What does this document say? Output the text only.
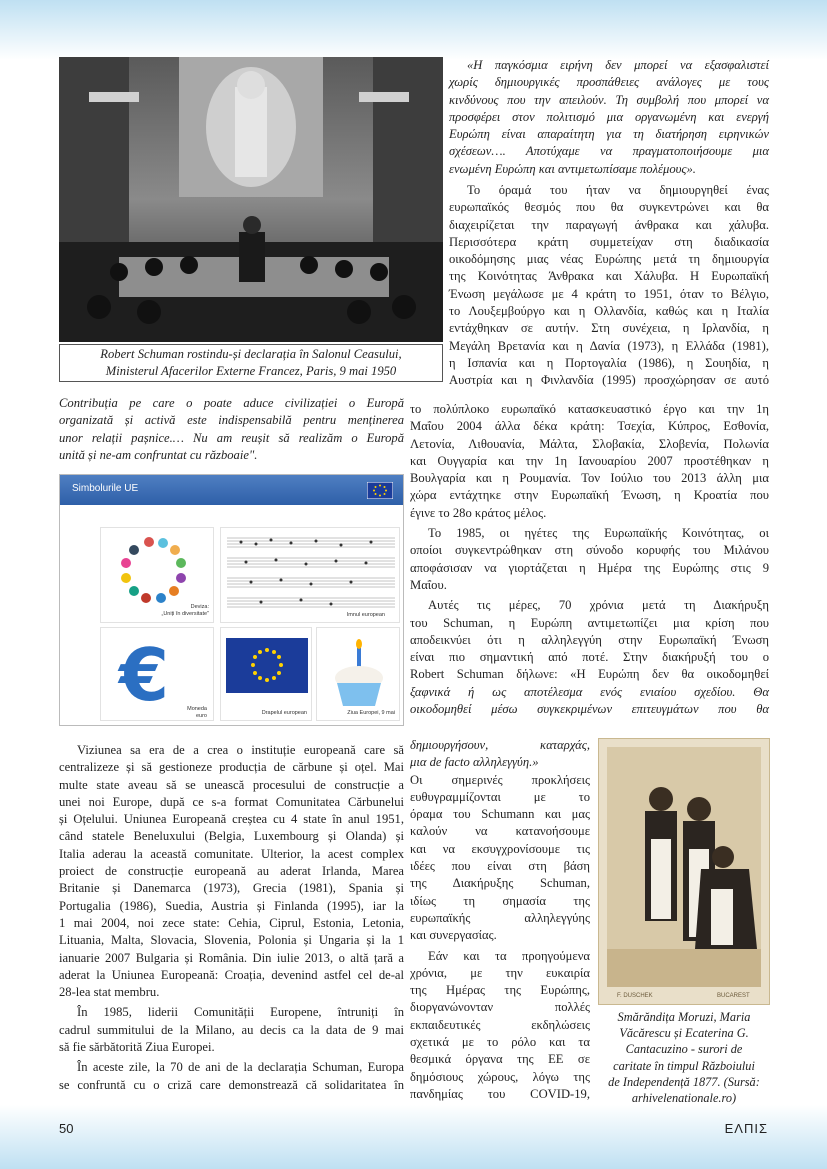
Robert Schuman rostindu-și declarația în Salonul Ceasului,
Ministerul Afacerilor Externe Francez, Paris, 9 mai 1950

Contribuția pe care o poate aduce civilizației o Europă

organizată și activă este indispensabilă pentru menținerea

unor relații pașnice.… Nu am reușit să realizăm o Europă

unită și ne-am confruntat cu războaie".

Simbolurile UE
Deviza:
„Uniți în diversitate"	Imnul european
€	Moneda
euro	Drapelul european	Ziua Europei, 9 mai

Viziunea sa era de a crea o instituție europeană care să

centralizeze și să gestioneze producția de cărbune și oțel. Mai

multe state aveau să se unească procesului de construcție a

unei noi Europe, după ce s-a format Comunitatea Cărbunelui

și Oțelului. Uniunea Europeană creștea cu 4 state în anul 1951,

când statele Beneluxului (Belgia, Luxembourg și Olanda) și

Italia aderau la această comunitate. Ulterior, la acest complex

proiect de construcție europeană au aderat Irlanda, Marea

Britanie și Danemarca (1973), Grecia (1981), Spania și

Portugalia (1986), Suedia, Austria și Finlanda (1995), iar la

1 mai 2004, noi zece state: Cehia, Ciprul, Estonia, Letonia,

Lituania, Malta, Slovacia, Slovenia, Polonia și Ungaria și la 1

ianuarie 2007 Bulgaria și România. Din iulie 2013, o altă țară a

aderat la Uniunea Europeană: Croația, devenind astfel cel de-al

28-lea stat membru.

În 1985, liderii Comunității Europene, întruniți în

cadrul summitului de la Milano, au decis ca la data de 9 mai

să fie sărbătorită Ziua Europei.

În aceste zile, la 70 de ani de la declarația Schuman, Europa

se confruntă cu o criză care demonstrează că solidaritatea în

«Η παγκόσμια ειρήνη δεν μπορεί να εξασφαλιστεί

χωρίς δημιουργικές προσπάθειες ανάλογες με τους

κινδύνους που την απειλούν. Τη συμβολή που μπορεί να

προσφέρει στον πολιτισμό μια οργανωμένη και ενεργή

Ευρώπη είναι απαραίτητη για τη διατήρηση ειρηνικών

σχέσεων…. Αποτύχαμε να πραγματοποιήσουμε μια

ενωμένη Ευρώπη και αντιμετωπίσαμε πολέμους».

Το όραμά του ήταν να δημιουργηθεί ένας

ευρωπαϊκός θεσμός που θα συγκεντρώνει και θα

διαχειρίζεται την παραγωγή άνθρακα και χάλυβα.

Περισσότερα κράτη συμμετείχαν στη διαδικασία

οικοδόμησης μιας νέας Ευρώπης μετά τη δημιουργία

της Κοινότητας Άνθρακα και Χάλυβα. Η Ευρωπαϊκή

Ένωση μεγάλωσε με 4 κράτη το 1951, όταν το Βέλγιο,

το Λουξεμβούργο και η Ολλανδία, καθώς και η Ιταλία

εντάχθηκαν σε αυτήν. Στη συνέχεια, η Ιρλανδία, η

Μεγάλη Βρετανία και η Δανία (1973), η Ελλάδα (1981),

η Ισπανία και η Πορτογαλία (1986), η Σουηδία, η

Αυστρία και η Φινλανδία (1995) προσχώρησαν σε αυτό

το πολύπλοκο ευρωπαϊκό κατασκευαστικό έργο και την 1η

Μαΐου 2004 άλλα δέκα κράτη: Τσεχία, Κύπρος, Εσθονία,

Λετονία, Λιθουανία, Μάλτα, Σλοβακία, Σλοβενία, Πολωνία

και Ουγγαρία και την 1η Ιανουαρίου 2007 προστέθηκαν η

Βουλγαρία και η Ρουμανία. Τον Ιούλιο του 2013 άλλη μια

χώρα εντάχτηκε στην Ευρωπαϊκή Ένωση, η Κροατία που

έγινε το 28ο κράτος μέλος.

Το 1985, οι ηγέτες της Ευρωπαϊκής Κοινότητας, οι

οποίοι συγκεντρώθηκαν στη σύνοδο κορυφής του Μιλάνου

αποφάσισαν να γιορτάζεται η Ημέρα της Ευρώπης στις 9

Μαΐου.

Αυτές τις μέρες, 70 χρόνια μετά τη Διακήρυξη

του Schuman, η Ευρώπη αντιμετωπίζει μια κρίση που

αποδεικνύει ότι η αλληλεγγύη στην Ευρωπαϊκή Ένωση

είναι πιο σημαντική από ποτέ. Στην διακήρυξή του ο

Robert Schuman δήλωνε: «Η Ευρώπη δεν θα οικοδομηθεί

ξαφνικά ή ως αποτέλεσμα ενός ενιαίου σχεδίου. Θα

οικοδομηθεί μέσω συγκεκριμένων επιτευγμάτων που θα

δημιουργήσουν, καταρχάς,

μια de facto αλληλεγγύη.»

Οι σημερινές προκλήσεις

ευθυγραμμίζονται με το

όραμα του Schumann και μας

καλούν να κατανοήσουμε

και να εκσυγχρονίσουμε τις

ιδέες που είναι στη βάση

της Διακήρυξης Schuman,

ιδίως τη σημασία της

ευρωπαϊκής αλληλεγγύης

και συνεργασίας.

Εάν και τα προηγούμενα

χρόνια, με την ευκαιρία

της Ημέρας της Ευρώπης,

διοργανώνονταν πολλές

εκπαιδευτικές εκδηλώσεις

σχετικά με το ρόλο και τα

θεσμικά όργανα της ΕΕ σε

δημόσιους χώρους, λόγω της

πανδημίας του COVID-19,

F. DUSCHEK	BUCAREST
Smărăndița Moruzi, Maria
Văcărescu și Ecaterina G.
Cantacuzino - surori de
caritate în timpul Războiului
de Independență 1877. (Sursă:
arhivelenationale.ro)
50	ΕΛΠΙΣ
